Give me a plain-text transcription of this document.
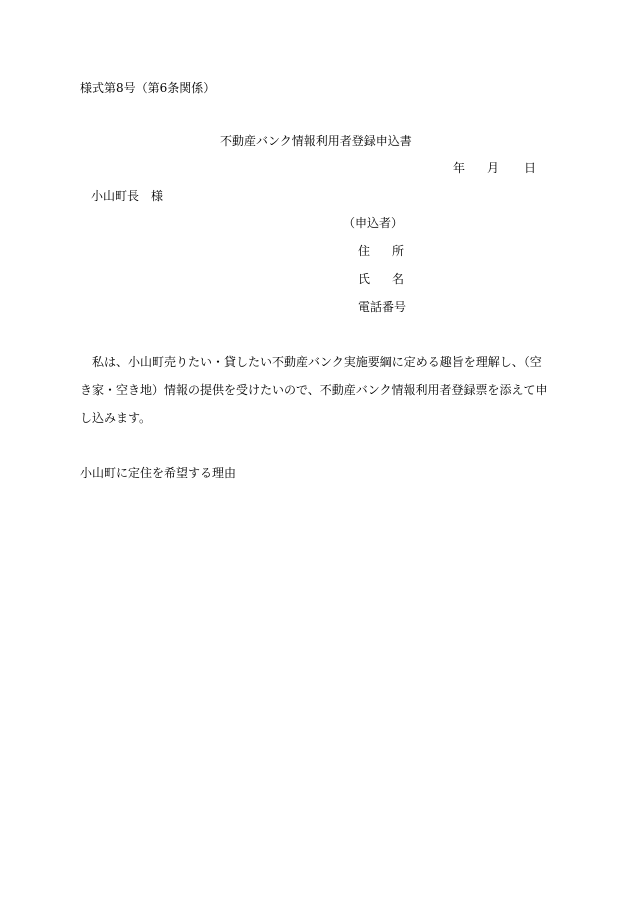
様式第8号（第6条関係）
不動産バンク情報利用者登録申込書
年 月 日
小山町長　様
（申込者）
住 所
氏 名
電話番号
私は、小山町売りたい・貸したい不動産バンク実施要綱に定める趣旨を理解し、（空き家・空き地）情報の提供を受けたいので、不動産バンク情報利用者登録票を添えて申し込みます。
小山町に定住を希望する理由
